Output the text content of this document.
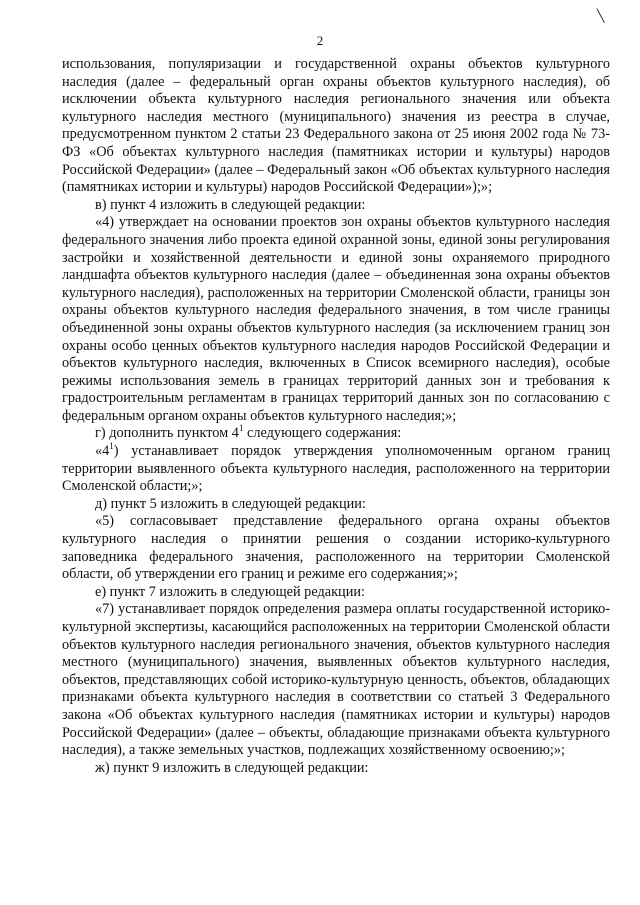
2

использования, популяризации и государственной охраны объектов культурного наследия (далее – федеральный орган охраны объектов культурного наследия), об исключении объекта культурного наследия регионального значения или объекта культурного наследия местного (муниципального) значения из реестра в случае, предусмотренном пунктом 2 статьи 23 Федерального закона от 25 июня 2002 года № 73-ФЗ «Об объектах культурного наследия (памятниках истории и культуры) народов Российской Федерации» (далее – Федеральный закон «Об объектах культурного наследия (памятниках истории и культуры) народов Российской Федерации»);»;

в) пункт 4 изложить в следующей редакции:

«4) утверждает на основании проектов зон охраны объектов культурного наследия федерального значения либо проекта единой охранной зоны, единой зоны регулирования застройки и хозяйственной деятельности и единой зоны охраняемого природного ландшафта объектов культурного наследия (далее – объединенная зона охраны объектов культурного наследия), расположенных на территории Смоленской области, границы зон охраны объектов культурного наследия федерального значения, в том числе границы объединенной зоны охраны объектов культурного наследия (за исключением границ зон охраны особо ценных объектов культурного наследия народов Российской Федерации и объектов культурного наследия, включенных в Список всемирного наследия), особые режимы использования земель в границах территорий данных зон и требования к градостроительным регламентам в границах территорий данных зон по согласованию с федеральным органом охраны объектов культурного наследия;»;

г) дополнить пунктом $4^1$ следующего содержания:

«$4^1$) устанавливает порядок утверждения уполномоченным органом границ территории выявленного объекта культурного наследия, расположенного на территории Смоленской области;»;

д) пункт 5 изложить в следующей редакции:

«5) согласовывает представление федерального органа охраны объектов культурного наследия о принятии решения о создании историко-культурного заповедника федерального значения, расположенного на территории Смоленской области, об утверждении его границ и режиме его содержания;»;

е) пункт 7 изложить в следующей редакции:

«7) устанавливает порядок определения размера оплаты государственной историко-культурной экспертизы, касающийся расположенных на территории Смоленской области объектов культурного наследия регионального значения, объектов культурного наследия местного (муниципального) значения, выявленных объектов культурного наследия, объектов, представляющих собой историко-культурную ценность, объектов, обладающих признаками объекта культурного наследия в соответствии со статьей 3 Федерального закона «Об объектах культурного наследия (памятниках истории и культуры) народов Российской Федерации» (далее – объекты, обладающие признаками объекта культурного наследия), а также земельных участков, подлежащих хозяйственному освоению;»;

ж) пункт 9 изложить в следующей редакции:
